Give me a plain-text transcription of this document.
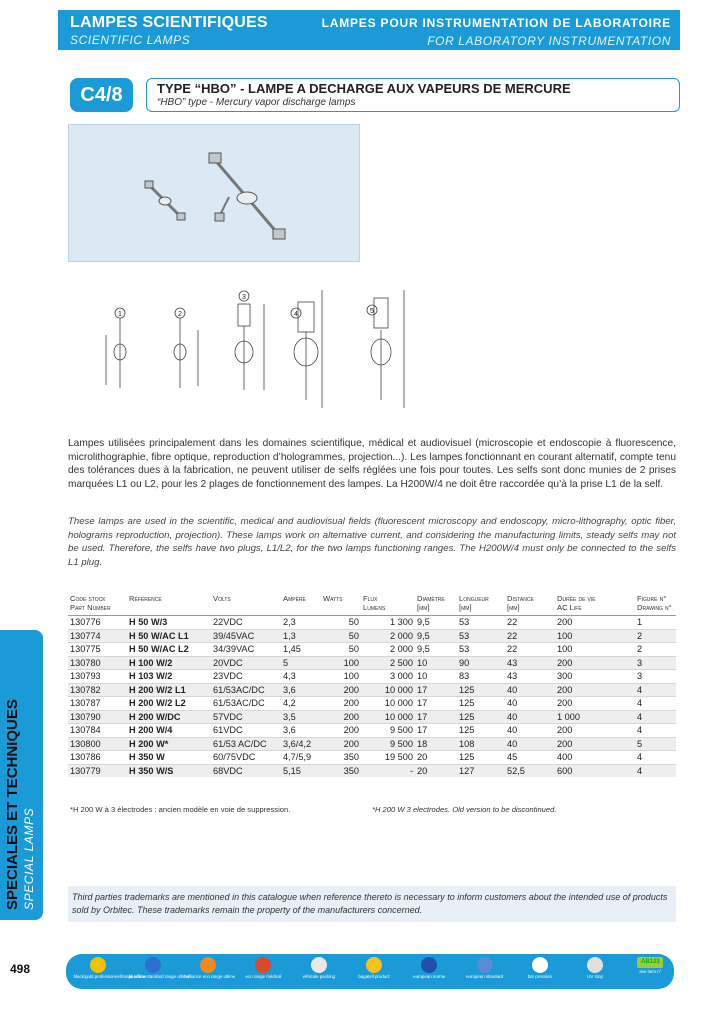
LAMPES SCIENTIFIQUES
SCIENTIFIC LAMPS
LAMPES POUR INSTRUMENTATION DE LABORATOIRE
FOR LABORATORY INSTRUMENTATION
C4/8	TYPE “HBO” - LAMPE A DECHARGE AUX VAPEURS DE MERCURE
“HBO” type - Mercury vapor discharge lamps
1	2
3
4	5
Lampes utilisées principalement dans les domaines scientifique, médical et audiovisuel (microscopie et endoscopie à fluorescence, microlithographie, fibre optique, reproduction d’hologrammes, projection...). Les lampes fonctionnant en courant alternatif, compte tenu des tolérances dues à la fabrication, ne peuvent utiliser de selfs réglées une fois pour toutes. Les selfs sont donc munies de 2 prises marquées L1 ou L2, pour les 2 plages de fonctionnement des lampes. La H200W/4 ne doit être raccordée qu’à la prise L1 de la self.
These lamps are used in the scientific, medical and audiovisual fields (fluorescent microscopy and endoscopy, micro-lithography, optic fiber, holograms reproduction, projection). These lamps work on alternative current, and considering the manufacturing limits, steady selfs may not be used. Therefore, the selfs have two plugs, L1/L2, for the two lamps functioning ranges. The H200W/4 must only be connected to the selfs L1 plug.
Code stock
Part Number	Référence	Volts	Ampère	Watts	Flux
Lumens	Diamètre
[mm]	Longueur
[mm]	Distance
[mm]	Durée de vie
AC Life	Figure n°
Drawing n°
130776	H 50 W/3	22VDC	2,3	50	1 300	9,5	53	22	200	1
130774	H 50 W/AC L1	39/45VAC	1,3	50	2 000	9,5	53	22	100	2
130775	H 50 W/AC L2	34/39VAC	1,45	50	2 000	9,5	53	22	100	2
130780	H 100 W/2	20VDC	5	100	2 500	10	90	43	200	3
130793	H 103 W/2	23VDC	4,3	100	3 000	10	83	43	300	3
130782	H 200 W/2 L1	61/53AC/DC	3,6	200	10 000	17	125	40	200	4
130787	H 200 W/2 L2	61/53AC/DC	4,2	200	10 000	17	125	40	200	4
130790	H 200 W/DC	57VDC	3,5	200	10 000	17	125	40	1 000	4
130784	H 200 W/4	61VDC	3,6	200	9 500	17	125	40	200	4
130800	H 200 W*	61/53 AC/DC	3,6/4,2	200	9 500	18	108	40	200	5
130786	H 350 W	60/75VDC	4,7/5,9	350	19 500	20	125	45	400	4
130779	H 350 W/S	68VDC	5,15	350	-	20	127	52,5	600	4
*H 200 W à 3 électrodes : ancien modèle en voie de suppression.	*H 200 W 3 electrodes. Old version to be discontinued.
SPECIALES ET TECHNIQUES SPECIAL LAMPS	Third parties trademarks are mentioned in this catalogue when reference thereto is necessary to inform customers about the intended use of products sold by Orbitec. These trademarks remain the property of the manufacturers concerned.
498
black/gold professionnel/range ultime
blue line standard range ultime
brilliance eco range ultime	eco range médical	véhicule packing	bagatell product	european norme	european standard	bar pression	UV stop
AB123
see item n°
